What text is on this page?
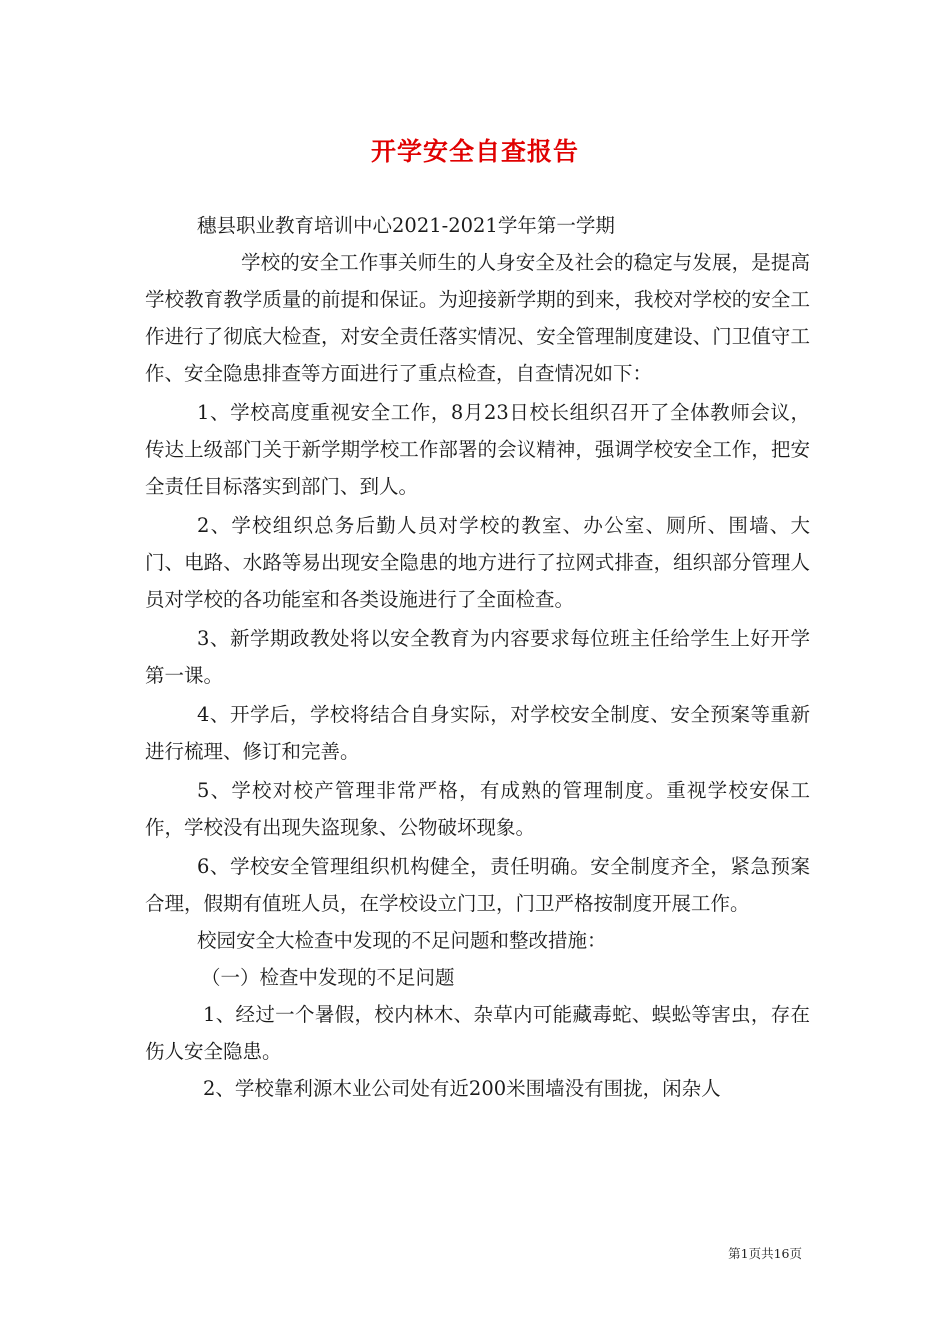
开学安全自查报告

穗县职业教育培训中心2021-2021学年第一学期

学校的安全工作事关师生的人身安全及社会的稳定与发展，是提高学校教育教学质量的前提和保证。为迎接新学期的到来，我校对学校的安全工作进行了彻底大检查，对安全责任落实情况、安全管理制度建设、门卫值守工作、安全隐患排查等方面进行了重点检查，自查情况如下：

1、学校高度重视安全工作，8月23日校长组织召开了全体教师会议，传达上级部门关于新学期学校工作部署的会议精神，强调学校安全工作，把安全责任目标落实到部门、到人。

2、学校组织总务后勤人员对学校的教室、办公室、厕所、围墙、大门、电路、水路等易出现安全隐患的地方进行了拉网式排查，组织部分管理人员对学校的各功能室和各类设施进行了全面检查。

3、新学期政教处将以安全教育为内容要求每位班主任给学生上好开学第一课。

4、开学后，学校将结合自身实际，对学校安全制度、安全预案等重新进行梳理、修订和完善。

5、学校对校产管理非常严格，有成熟的管理制度。重视学校安保工作，学校没有出现失盗现象、公物破坏现象。

6、学校安全管理组织机构健全，责任明确。安全制度齐全，紧急预案合理，假期有值班人员，在学校设立门卫，门卫严格按制度开展工作。

校园安全大检查中发现的不足问题和整改措施：

（一）检查中发现的不足问题

1、经过一个暑假，校内林木、杂草内可能藏毒蛇、蜈蚣等害虫，存在伤人安全隐患。

2、学校靠利源木业公司处有近200米围墙没有围拢，闲杂人

第1页共16页
